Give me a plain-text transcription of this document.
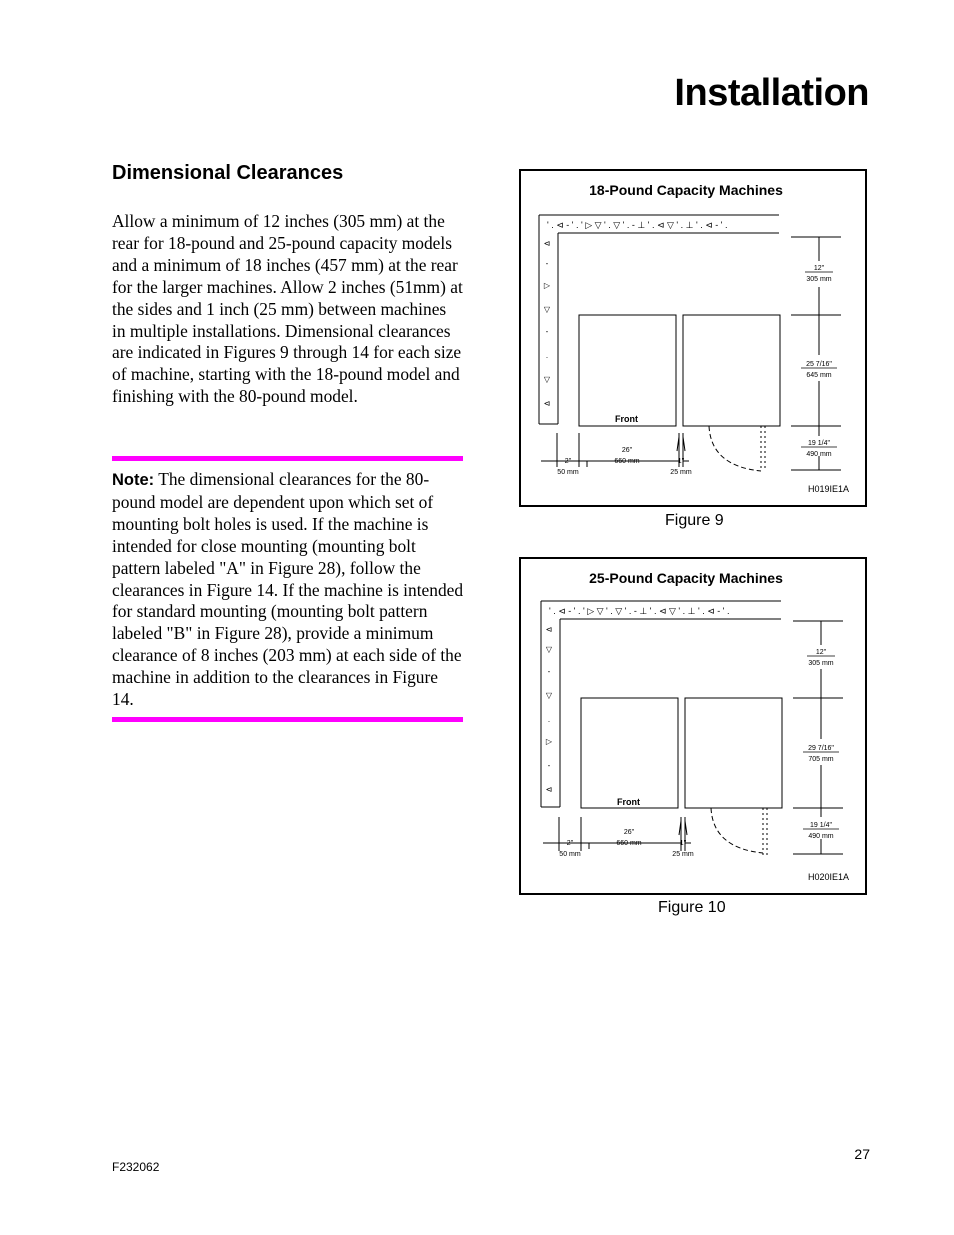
Installation
Dimensional Clearances

Allow a minimum of 12 inches (305 mm) at the rear for 18-pound and 25-pound capacity models and a minimum of 18 inches (457 mm) at the rear for the larger machines. Allow 2 inches (51mm) at the sides and 1 inch (25 mm) between machines in multiple installations. Dimensional clearances are indicated in Figures 9 through 14 for each size of machine, starting with the 18-pound model and finishing with the 80-pound model.

Note: The dimensional clearances for the 80-pound model are dependent upon which set of mounting bolt holes is used. If the machine is intended for close mounting (mounting bolt pattern labeled "A" in Figure 28), follow the clearances in Figure 14. If the machine is intended for standard mounting (mounting bolt pattern labeled "B" in Figure 28), provide a minimum clearance of 8 inches (203 mm) at each side of the machine in addition to the clearances in Figure 14.

18-Pound Capacity Machines
' . ⊲ - ' . ' ▷ ▽ ' . ▽ ' . - ⊥ ' . ⊲ ▽ ' . ⊥ ' . ⊲ - ' .
⊲
-
▷
▽
-
.
▽
⊲
Front
12"
305 mm
25 7/16"
645 mm
19 1/4"
490 mm
2"
50 mm
26"
660 mm	1"
25 mm
H019IE1A
Figure 9
25-Pound Capacity Machines
' . ⊲ - ' . ' ▷ ▽ ' . ▽ ' . - ⊥ ' . ⊲ ▽ ' . ⊥ ' . ⊲ - ' .
⊲
▽
-
▽
.
▷
-
⊲
Front
12"
305 mm
29 7/16"
705 mm
19 1/4"
490 mm
2"
50 mm
26"
660 mm	1"
25 mm
H020IE1A
Figure 10
27
F232062
